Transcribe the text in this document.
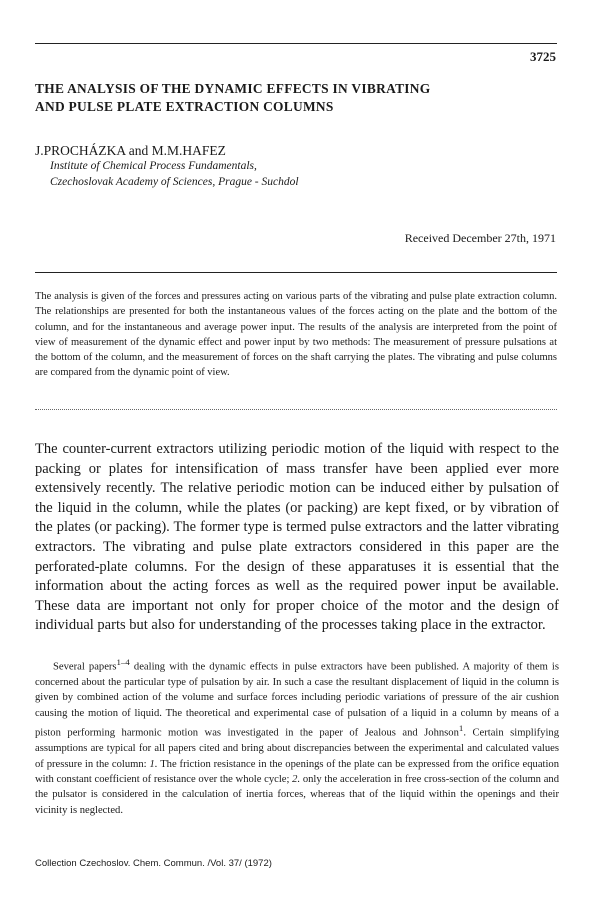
3725
THE ANALYSIS OF THE DYNAMIC EFFECTS IN VIBRATING
AND PULSE PLATE EXTRACTION COLUMNS
J.PROCHÁZKA and M.M.HAFEZ
Institute of Chemical Process Fundamentals,
Czechoslovak Academy of Sciences, Prague - Suchdol
Received December 27th, 1971
The analysis is given of the forces and pressures acting on various parts of the vibrating and pulse plate extraction column. The relationships are presented for both the instantaneous values of the forces acting on the plate and the bottom of the column, and for the instantaneous and average power input. The results of the analysis are interpreted from the point of view of measurement of the dynamic effect and power input by two methods: The measurement of pressure pulsations at the bottom of the column, and the measurement of forces on the shaft carrying the plates. The vibrating and pulse columns are compared from the dynamic point of view.
The counter-current extractors utilizing periodic motion of the liquid with respect to the packing or plates for intensification of mass transfer have been applied ever more extensively recently. The relative periodic motion can be induced either by pulsation of the liquid in the column, while the plates (or packing) are kept fixed, or by vibration of the plates (or packing). The former type is termed pulse extractors and the latter vibrating extractors. The vibrating and pulse plate extractors considered in this paper are the perforated-plate columns. For the design of these apparatuses it is essential that the information about the acting forces as well as the required power input be available. These data are important not only for proper choice of the motor and the design of individual parts but also for understanding of the processes taking place in the extractor.
Several papers$^{1-4}$ dealing with the dynamic effects in pulse extractors have been published. A majority of them is concerned about the particular type of pulsation by air. In such a case the resultant displacement of liquid in the column is given by combined action of the volume and surface forces including periodic variations of pressure of the air cushion causing the motion of liquid. The theoretical and experimental case of pulsation of a liquid in a column by means of a piston performing harmonic motion was investigated in the paper of Jealous and Johnson$^1$. Certain simplifying assumptions are typical for all papers cited and bring about discrepancies between the experimental and calculated values of pressure in the column: 1. The friction resistance in the openings of the plate can be expressed from the orifice equation with constant coefficient of resistance over the whole cycle; 2. only the acceleration in free cross-section of the column and the pulsator is considered in the calculation of inertia forces, whereas that of the liquid within the openings and their vicinity is neglected.
Collection Czechoslov. Chem. Commun. /Vol. 37/ (1972)
